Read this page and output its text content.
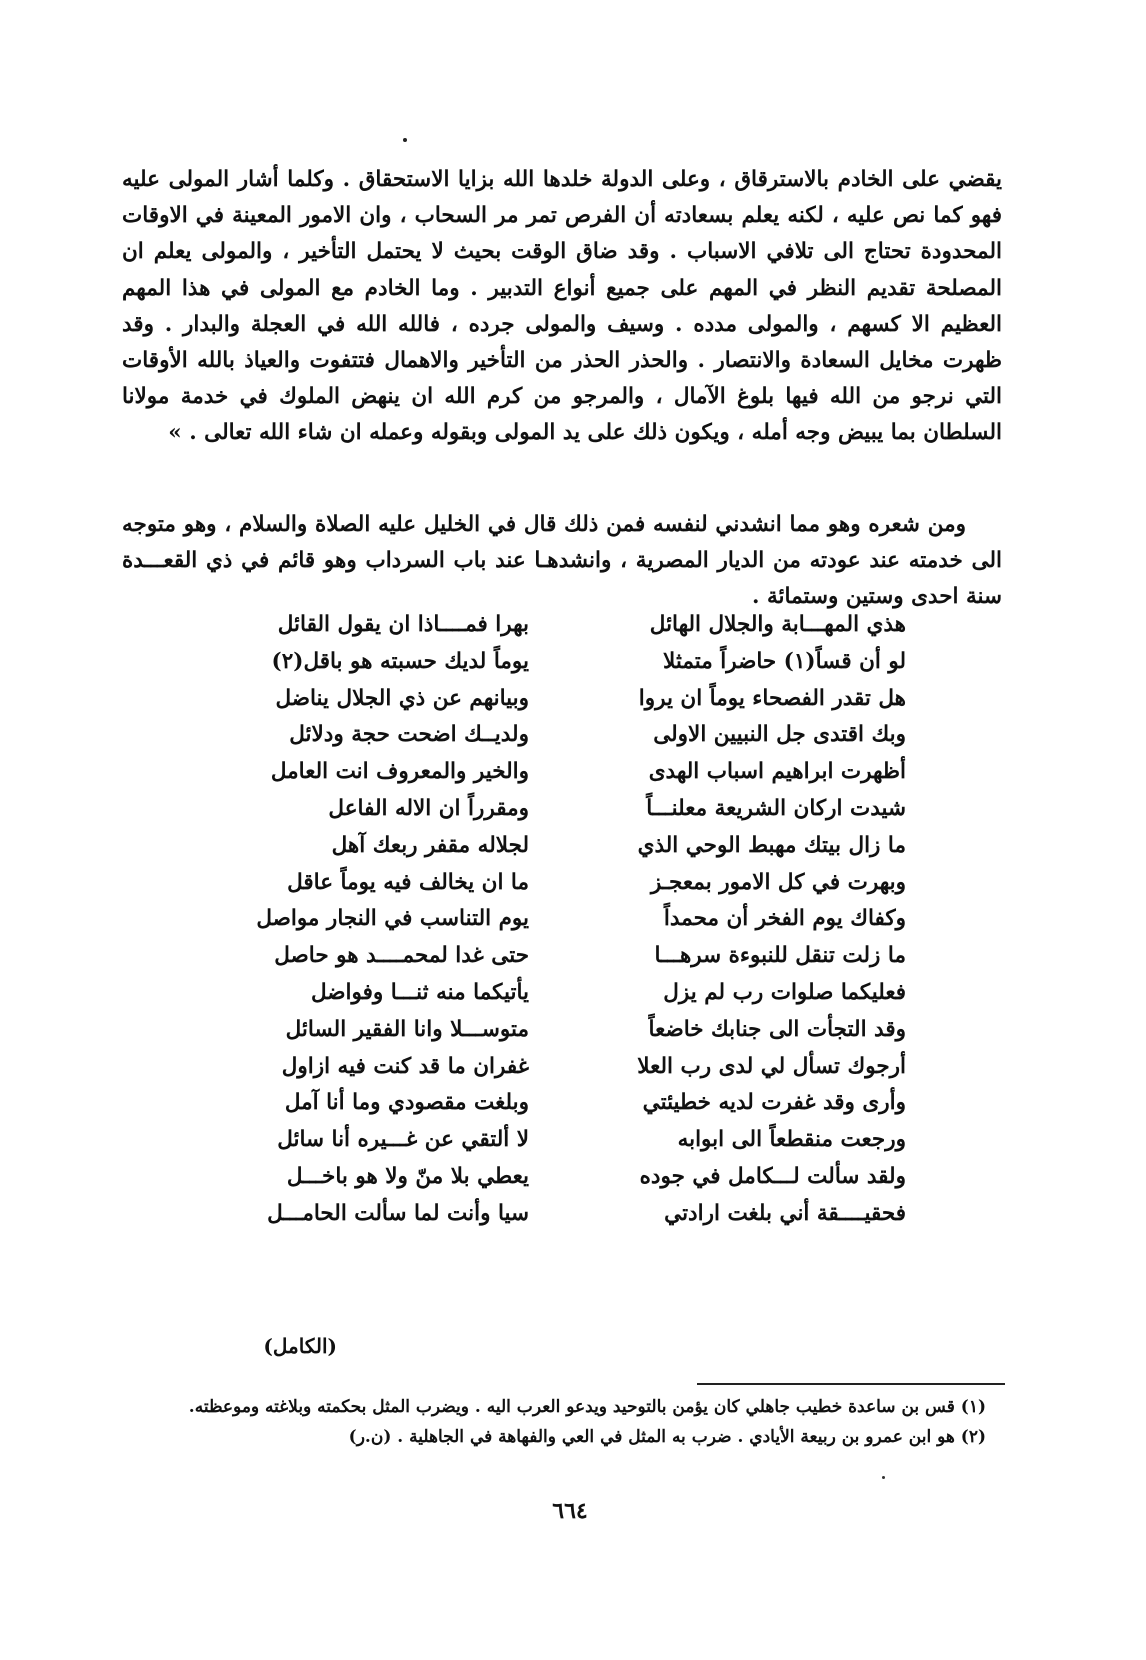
يقضي على الخادم بالاسترقاق ، وعلى الدولة خلدها الله بزايا الاستحقاق . وكلما أشار المولى عليه فهو كما نص عليه ، لكنه يعلم بسعادته أن الفرص تمر مر السحاب ، وان الامور المعينة في الاوقات المحدودة تحتاج الى تلافي الاسباب . وقد ضاق الوقت بحيث لا يحتمل التأخير ، والمولى يعلم ان المصلحة تقديم النظر في المهم على جميع أنواع التدبير . وما الخادم مع المولى في هذا المهم العظيم الا كسهم ، والمولى مدده . وسيف والمولى جرده ، فالله الله في العجلة والبدار . وقد ظهرت مخايل السعادة والانتصار . والحذر الحذر من التأخير والاهمال فتتفوت والعياذ بالله الأوقات التي نرجو من الله فيها بلوغ الآمال ، والمرجو من كرم الله ان ينهض الملوك في خدمة مولانا السلطان بما يبيض وجه أمله ، ويكون ذلك على يد المولى وبقوله وعمله ان شاء الله تعالى . »

ومن شعره وهو مما انشدني لنفسه فمن ذلك قال في الخليل عليه الصلاة والسلام ، وهو متوجه الى خدمته عند عودته من الديار المصرية ، وانشدهـا عند باب السرداب وهو قائم في ذي القعـــدة سنة احدى وستين وستمائة .

هذي المهـــابة والجلال الهائل
بهرا فمــــاذا ان يقول القائل
لو أن قساً(١) حاضراً متمثلا
يوماً لديك حسبته هو باقل(٢)
هل تقدر الفصحاء يوماً ان يروا
وبيانهم عن ذي الجلال يناضل
وبك اقتدى جل النبيين الاولى
ولديــك اضحت حجة ودلائل
أظهرت ابراهيم اسباب الهدى
والخير والمعروف انت العامل
شيدت اركان الشريعة معلنـــاً
ومقرراً ان الاله الفاعل
ما زال بيتك مهبط الوحي الذي
لجلاله مقفر ربعك آهل
وبهرت في كل الامور بمعجـز
ما ان يخالف فيه يوماً عاقل
وكفاك يوم الفخر أن محمداً
يوم التناسب في النجار مواصل
ما زلت تنقل للنبوءة سرهـــا
حتى غدا لمحمــــد هو حاصل
فعليكما صلوات رب لم يزل
يأتيكما منه ثنـــا وفواضل
وقد التجأت الى جنابك خاضعاً
متوســـلا وانا الفقير السائل
أرجوك تسأل لي لدى رب العلا
غفران ما قد كنت فيه ازاول
وأرى وقد غفرت لديه خطيئتي
وبلغت مقصودي وما أنا آمل
ورجعت منقطعاً الى ابوابه
لا ألتقي عن غـــيره أنا سائل
ولقد سألت لـــكامل في جوده
يعطي بلا منّ ولا هو باخـــل
فحقيــــقة أني بلغت ارادتي
سيا وأنت لما سألت الحامـــل
(الكامل)
(١) قس بن ساعدة خطيب جاهلي كان يؤمن بالتوحيد ويدعو العرب اليه . ويضرب المثل بحكمته وبلاغته وموعظته.
(٢) هو ابن عمرو بن ربيعة الأيادي . ضرب به المثل في العي والفهاهة في الجاهلية . (ن.ر)
٦٦٤
